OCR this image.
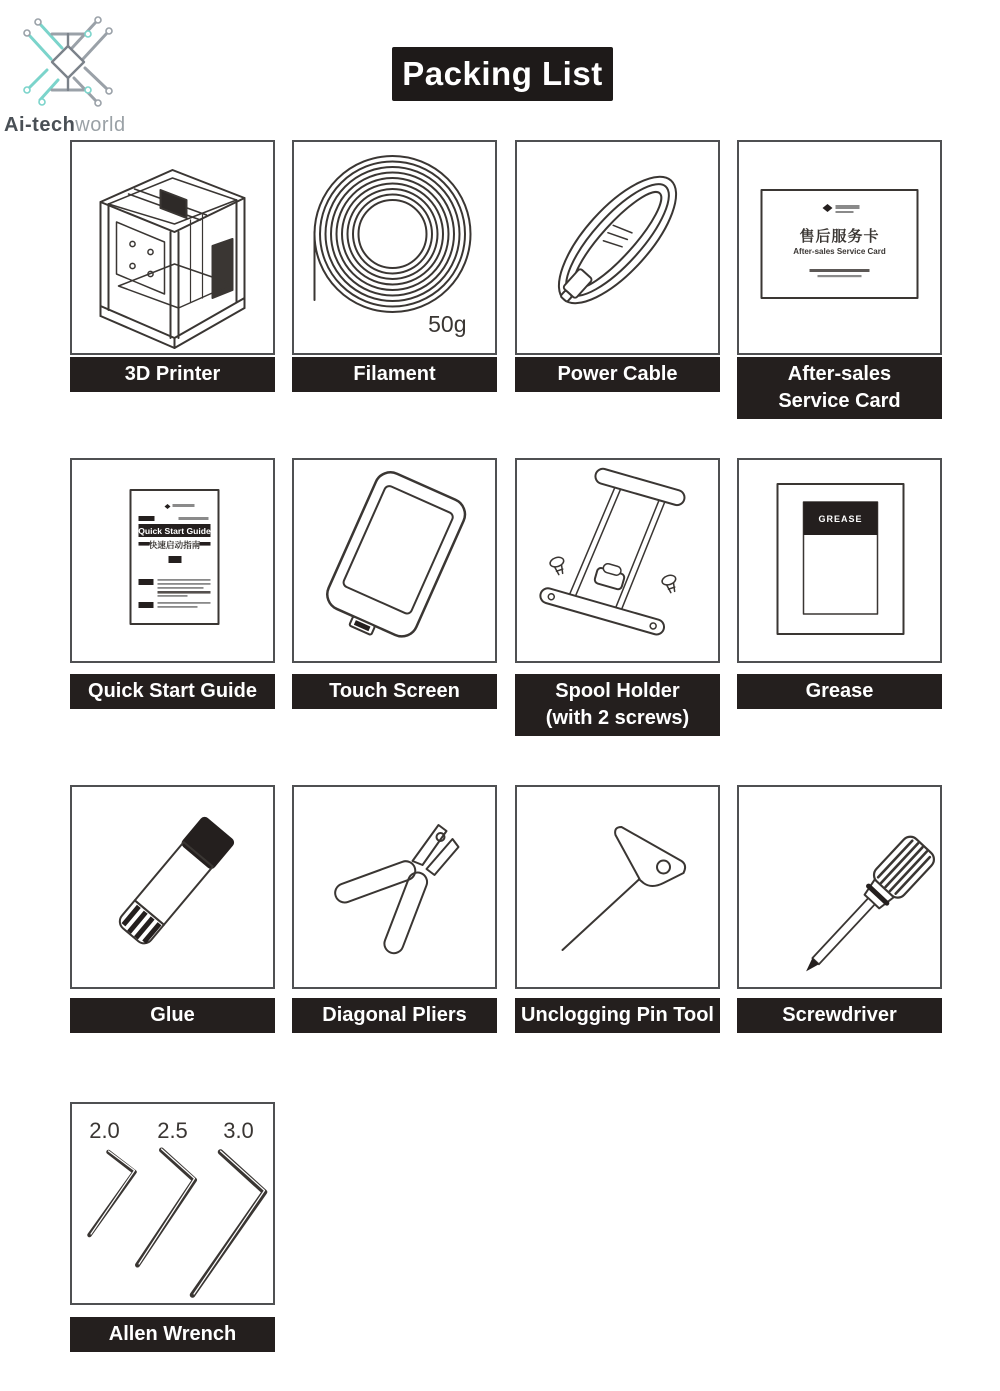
Ai-techworld
Packing List
3D Printer
50g
Filament	Power Cable
售后服务卡
After-sales Service Card
After-sales Service Card
Quick Start Guide
快速启动指南
Quick Start Guide	Touch Screen	Spool Holder (with 2 screws)
GREASE
Grease
Glue	Diagonal Pliers	Unclogging Pin Tool	Screwdriver
2.0 2.5 3.0
Allen Wrench
